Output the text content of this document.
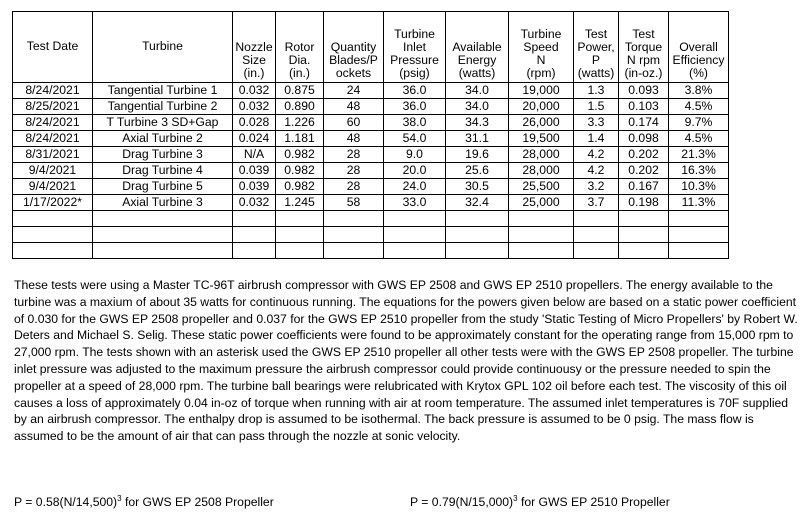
Test Date	Turbine	Nozzle
Size
(in.)	Rotor
Dia.
(in.)	Quantity
Blades/P
ockets	Turbine
Inlet
Pressure
(psig)	Available
Energy
(watts)	Turbine
Speed
N
(rpm)	Test
Power,
P
(watts)	Test
Torque
N rpm
(in-oz.)	Overall
Efficiency
(%)

8/24/2021	Tangential Turbine 1	0.032	0.875	24	36.0	34.0	19,000	1.3	0.093	3.8%
8/25/2021	Tangential Turbine 2	0.032	0.890	48	36.0	34.0	20,000	1.5	0.103	4.5%
8/24/2021	T Turbine 3 SD+Gap	0.028	1.226	60	38.0	34.3	26,000	3.3	0.174	9.7%
8/24/2021	Axial Turbine 2	0.024	1.181	48	54.0	31.1	19,500	1.4	0.098	4.5%
8/31/2021	Drag Turbine 3	N/A	0.982	28	9.0	19.6	28,000	4.2	0.202	21.3%
9/4/2021	Drag Turbine 4	0.039	0.982	28	20.0	25.6	28,000	4.2	0.202	16.3%
9/4/2021	Drag Turbine 5	0.039	0.982	28	24.0	30.5	25,500	3.2	0.167	10.3%
1/17/2022*	Axial Turbine 3	0.032	1.245	58	33.0	32.4	25,000	3.7	0.198	11.3%

These tests were using a Master TC-96T airbrush compressor with GWS EP 2508 and GWS EP 2510 propellers. The energy available to the turbine was a maxium of about 35 watts for continuous running. The equations for the powers given below are based on a static power coefficient of 0.030 for the GWS EP 2508 propeller and 0.037 for the GWS EP 2510 propeller from the study 'Static Testing of Micro Propellers' by Robert W. Deters and Michael S. Selig. These static power coefficients were found to be approximately constant for the operating range from 15,000 rpm to 27,000 rpm. The tests shown with an asterisk used the GWS EP 2510 propeller all other tests were with the GWS EP 2508 propeller. The turbine inlet pressure was adjusted to the maximum pressure the airbrush compressor could provide continuousy or the pressure needed to spin the propeller at a speed of 28,000 rpm. The turbine ball bearings were relubricated with Krytox GPL 102 oil before each test. The viscosity of this oil causes a loss of approximately 0.04 in-oz of torque when running with air at room temperature. The assumed inlet temperatures is 70F supplied by an airbrush compressor. The enthalpy drop is assumed to be isothermal. The back pressure is assumed to be 0 psig. The mass flow is assumed to be the amount of air that can pass through the nozzle at sonic velocity.

$P = 0.58(N/14,500)^3$ for GWS EP 2508 Propeller	$P = 0.79(N/15,000)^3$ for GWS EP 2510 Propeller
